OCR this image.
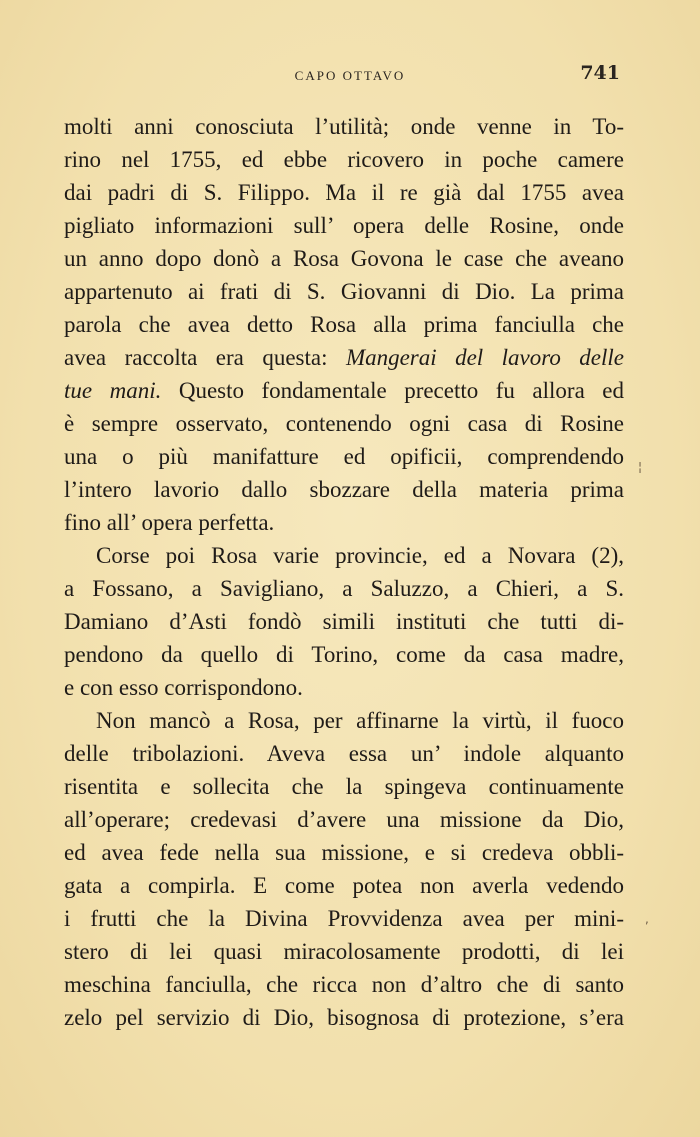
CAPO OTTAVO	741
molti anni conosciuta l’utilità; onde venne in To-
rino nel 1755, ed ebbe ricovero in poche camere
dai padri di S. Filippo. Ma il re già dal 1755 avea
pigliato informazioni sull’ opera delle Rosine, onde
un anno dopo donò a Rosa Govona le case che aveano
appartenuto ai frati di S. Giovanni di Dio. La prima
parola che avea detto Rosa alla prima fanciulla che
avea raccolta era questa: Mangerai del lavoro delle
tue mani. Questo fondamentale precetto fu allora ed
è sempre osservato, contenendo ogni casa di Rosine
una o più manifatture ed opificii, comprendendo
l’intero lavorio dallo sbozzare della materia prima
fino all’ opera perfetta.
Corse poi Rosa varie provincie, ed a Novara (2),
a Fossano, a Savigliano, a Saluzzo, a Chieri, a S.
Damiano d’Asti fondò simili instituti che tutti di-
pendono da quello di Torino, come da casa madre,
e con esso corrispondono.
Non mancò a Rosa, per affinarne la virtù, il fuoco
delle tribolazioni. Aveva essa un’ indole alquanto
risentita e sollecita che la spingeva continuamente
all’operare; credevasi d’avere una missione da Dio,
ed avea fede nella sua missione, e si credeva obbli-
gata a compirla. E come potea non averla vedendo
i frutti che la Divina Provvidenza avea per mini-
stero di lei quasi miracolosamente prodotti, di lei
meschina fanciulla, che ricca non d’altro che di santo
zelo pel servizio di Dio, bisognosa di protezione, s’era
¦
,
